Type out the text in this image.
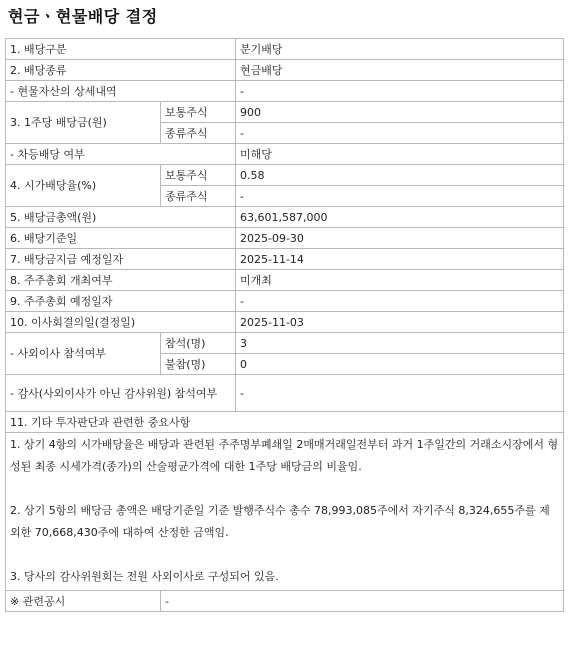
현금ㆍ현물배당 결정
1. 배당구분		분기배당
2. 배당종류		현금배당
- 현물자산의 상세내역		-
3. 1주당 배당금(원)	보통주식	900
	종류주식	-
- 차등배당 여부		미해당
4. 시가배당율(%)	보통주식	0.58
	종류주식	-
5. 배당금총액(원)		63,601,587,000
6. 배당기준일		2025-09-30
7. 배당금지급 예정일자		2025-11-14
8. 주주총회 개최여부		미개최
9. 주주총회 예정일자		-
10. 이사회결의일(결정일)		2025-11-03
- 사외이사 참석여부	참석(명)	3
	불참(명)	0
- 감사(사외이사가 아닌 감사위원) 참석여부		-
11. 기타 투자판단과 관련한 중요사항		

1. 상기 4항의 시가배당율은 배당과 관련된 주주명부폐쇄일 2매매거래일전부터 과거 1주일간의 거래소시장에서 형성된 최종 시세가격(종가)의 산술평균가격에 대한 1주당 배당금의 비율임.

2. 상기 5항의 배당금 총액은 배당기준일 기준 발행주식수 총수 78,993,085주에서 자기주식 8,324,655주를 제외한 70,668,430주에 대하여 산정한 금액임.

3. 당사의 감사위원회는 전원 사외이사로 구성되어 있음.		

※ 관련공시	-	
